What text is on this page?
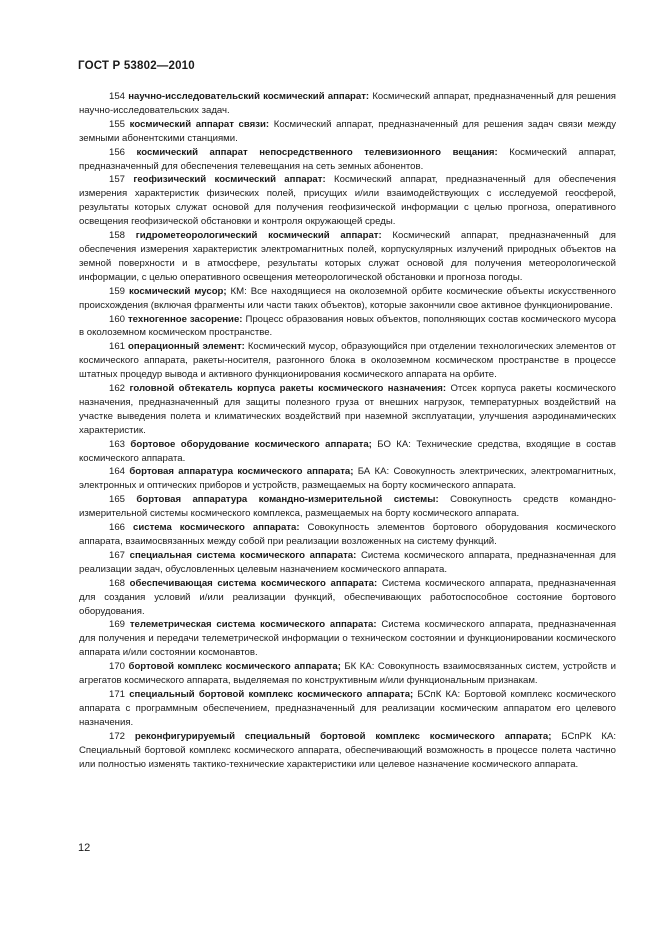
ГОСТ Р 53802—2010

154 научно-исследовательский космический аппарат: Космический аппарат, предназначенный для решения научно-исследовательских задач.

155 космический аппарат связи: Космический аппарат, предназначенный для решения задач связи между земными абонентскими станциями.

156 космический аппарат непосредственного телевизионного вещания: Космический аппарат, предназначенный для обеспечения телевещания на сеть земных абонентов.

157 геофизический космический аппарат: Космический аппарат, предназначенный для обеспечения измерения характеристик физических полей, присущих и/или взаимодействующих с исследуемой геосферой, результаты которых служат основой для получения геофизической информации с целью прогноза, оперативного освещения геофизической обстановки и контроля окружающей среды.

158 гидрометеорологический космический аппарат: Космический аппарат, предназначенный для обеспечения измерения характеристик электромагнитных полей, корпускулярных излучений природных объектов на земной поверхности и в атмосфере, результаты которых служат основой для получения метеорологической информации, с целью оперативного освещения метеорологической обстановки и прогноза погоды.

159 космический мусор; КМ: Все находящиеся на околоземной орбите космические объекты искусственного происхождения (включая фрагменты или части таких объектов), которые закончили свое активное функционирование.

160 техногенное засорение: Процесс образования новых объектов, пополняющих состав космического мусора в околоземном космическом пространстве.

161 операционный элемент: Космический мусор, образующийся при отделении технологических элементов от космического аппарата, ракеты-носителя, разгонного блока в околоземном космическом пространстве в процессе штатных процедур вывода и активного функционирования космического аппарата на орбите.

162 головной обтекатель корпуса ракеты космического назначения: Отсек корпуса ракеты космического назначения, предназначенный для защиты полезного груза от внешних нагрузок, температурных воздействий на участке выведения полета и климатических воздействий при наземной эксплуатации, улучшения аэродинамических характеристик.

163 бортовое оборудование космического аппарата; БО КА: Технические средства, входящие в состав космического аппарата.

164 бортовая аппаратура космического аппарата; БА КА: Совокупность электрических, электромагнитных, электронных и оптических приборов и устройств, размещаемых на борту космического аппарата.

165 бортовая аппаратура командно-измерительной системы: Совокупность средств командно-измерительной системы космического комплекса, размещаемых на борту космического аппарата.

166 система космического аппарата: Совокупность элементов бортового оборудования космического аппарата, взаимосвязанных между собой при реализации возложенных на систему функций.

167 специальная система космического аппарата: Система космического аппарата, предназначенная для реализации задач, обусловленных целевым назначением космического аппарата.

168 обеспечивающая система космического аппарата: Система космического аппарата, предназначенная для создания условий и/или реализации функций, обеспечивающих работоспособное состояние бортового оборудования.

169 телеметрическая система космического аппарата: Система космического аппарата, предназначенная для получения и передачи телеметрической информации о техническом состоянии и функционировании космического аппарата и/или состоянии космонавтов.

170 бортовой комплекс космического аппарата; БК КА: Совокупность взаимосвязанных систем, устройств и агрегатов космического аппарата, выделяемая по конструктивным и/или функциональным признакам.

171 специальный бортовой комплекс космического аппарата; БСпК КА: Бортовой комплекс космического аппарата с программным обеспечением, предназначенный для реализации космическим аппаратом его целевого назначения.

172 реконфигурируемый специальный бортовой комплекс космического аппарата; БСпРК КА: Специальный бортовой комплекс космического аппарата, обеспечивающий возможность в процессе полета частично или полностью изменять тактико-технические характеристики или целевое назначение космического аппарата.

12
